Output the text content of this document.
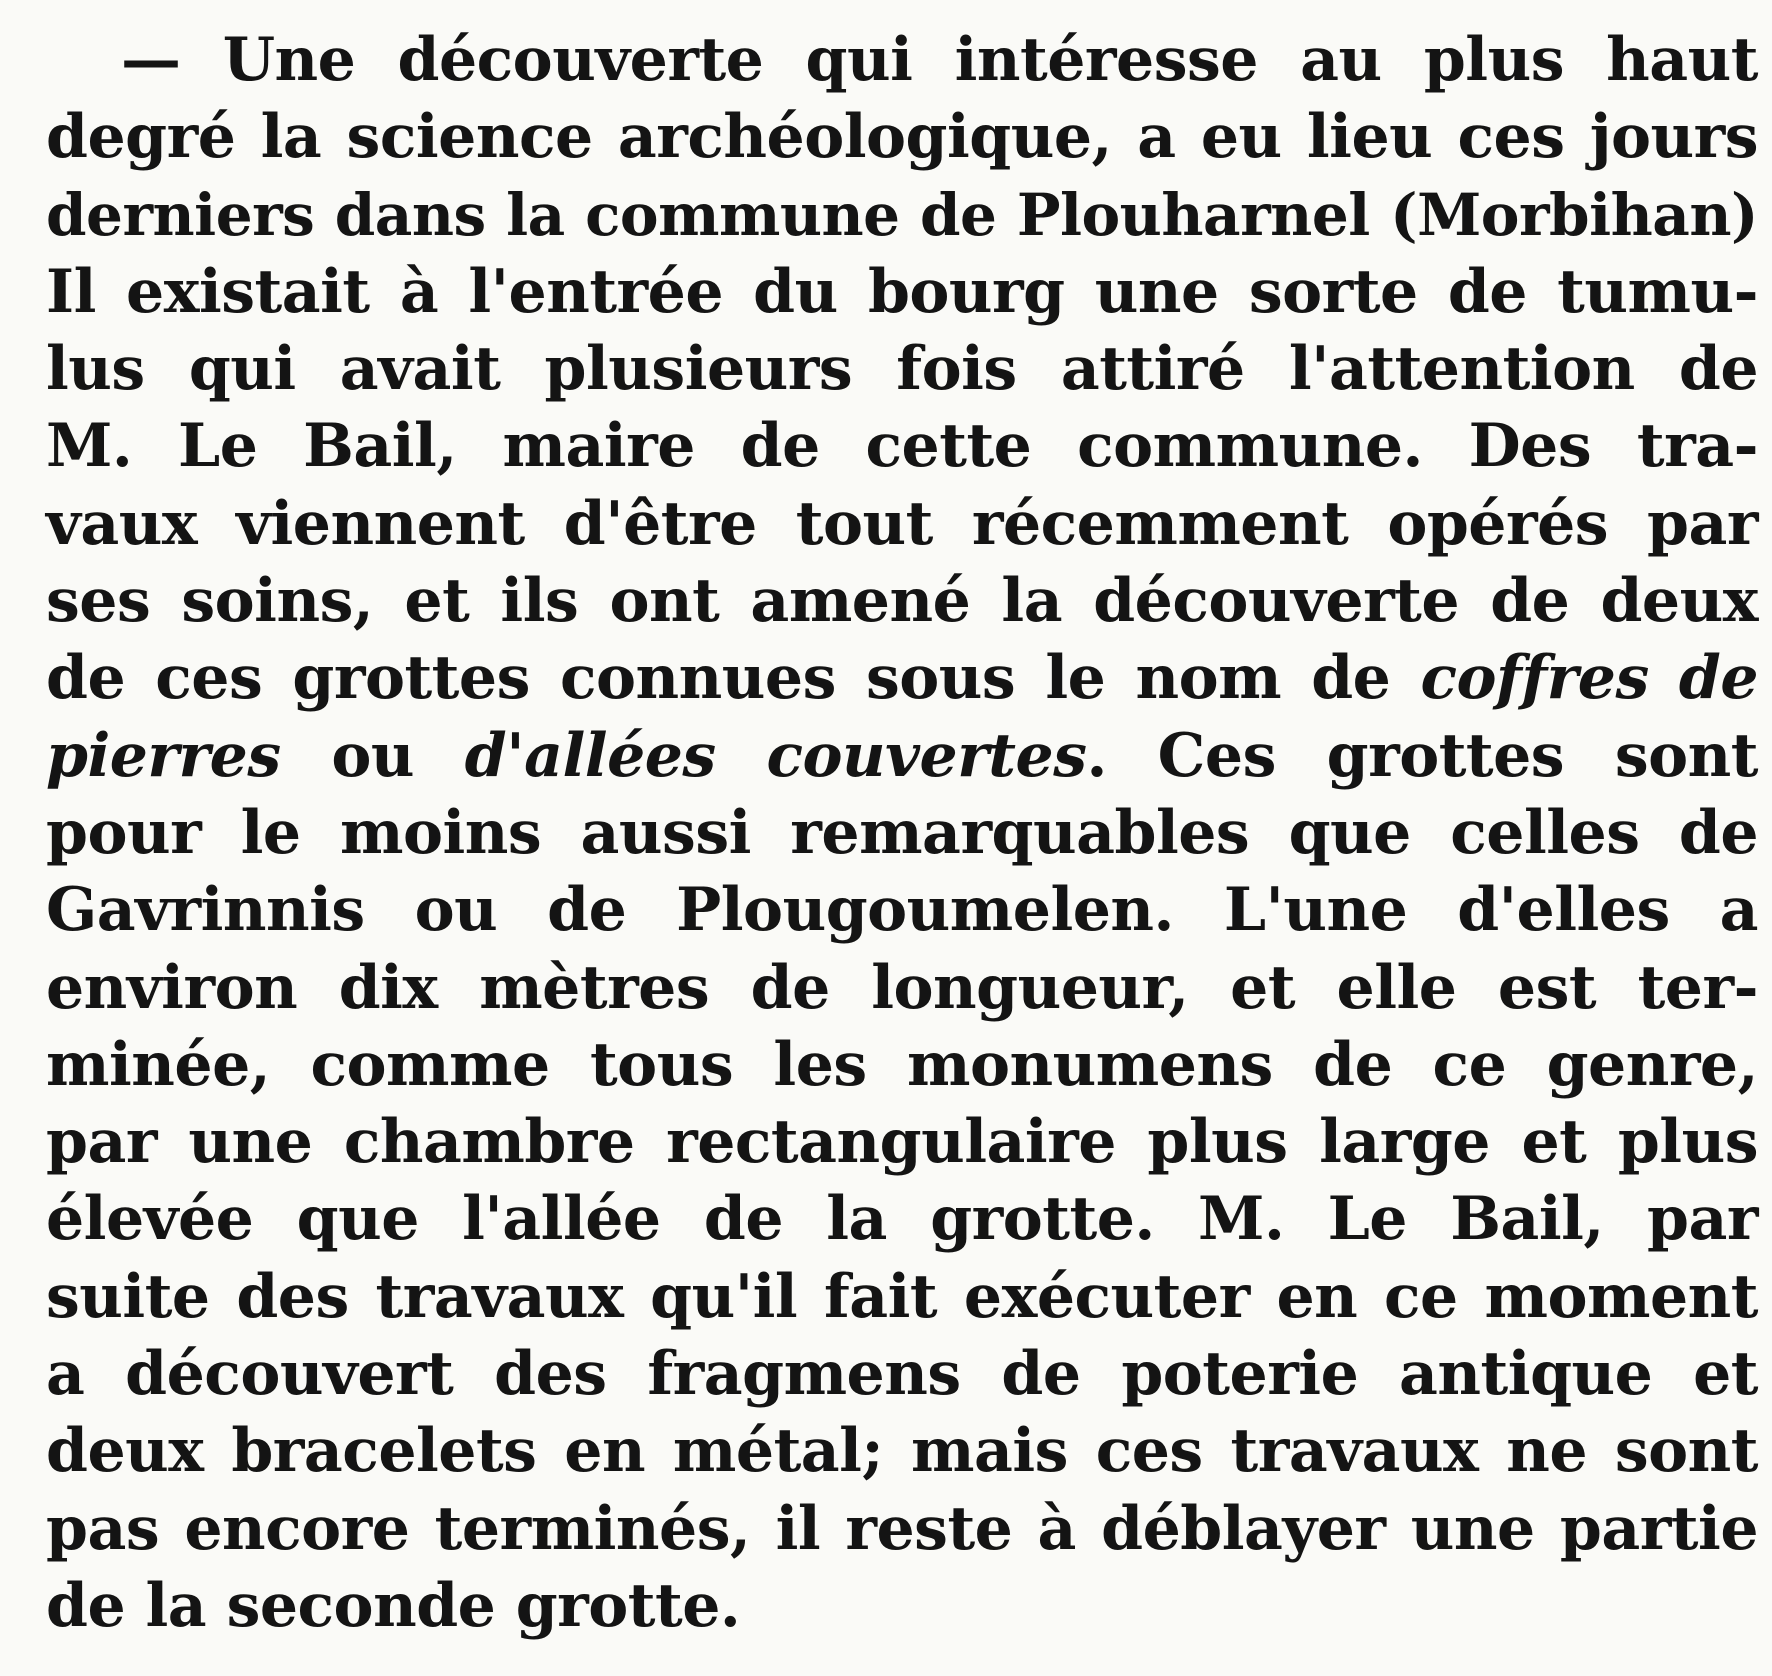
— Une découverte qui intéresse au plus haut
degré la science archéologique, a eu lieu ces jours
derniers dans la commune de Plouharnel (Morbihan)
Il existait à l'entrée du bourg une sorte de tumu-
lus qui avait plusieurs fois attiré l'attention de
M. Le Bail, maire de cette commune. Des tra-
vaux viennent d'être tout récemment opérés par
ses soins, et ils ont amené la découverte de deux
de ces grottes connues sous le nom de coffres de
pierres ou d'allées couvertes. Ces grottes sont
pour le moins aussi remarquables que celles de
Gavrinnis ou de Plougoumelen. L'une d'elles a
environ dix mètres de longueur, et elle est ter-
minée, comme tous les monumens de ce genre,
par une chambre rectangulaire plus large et plus
élevée que l'allée de la grotte. M. Le Bail, par
suite des travaux qu'il fait exécuter en ce moment
a découvert des fragmens de poterie antique et
deux bracelets en métal; mais ces travaux ne sont
pas encore terminés, il reste à déblayer une partie
de la seconde grotte.
